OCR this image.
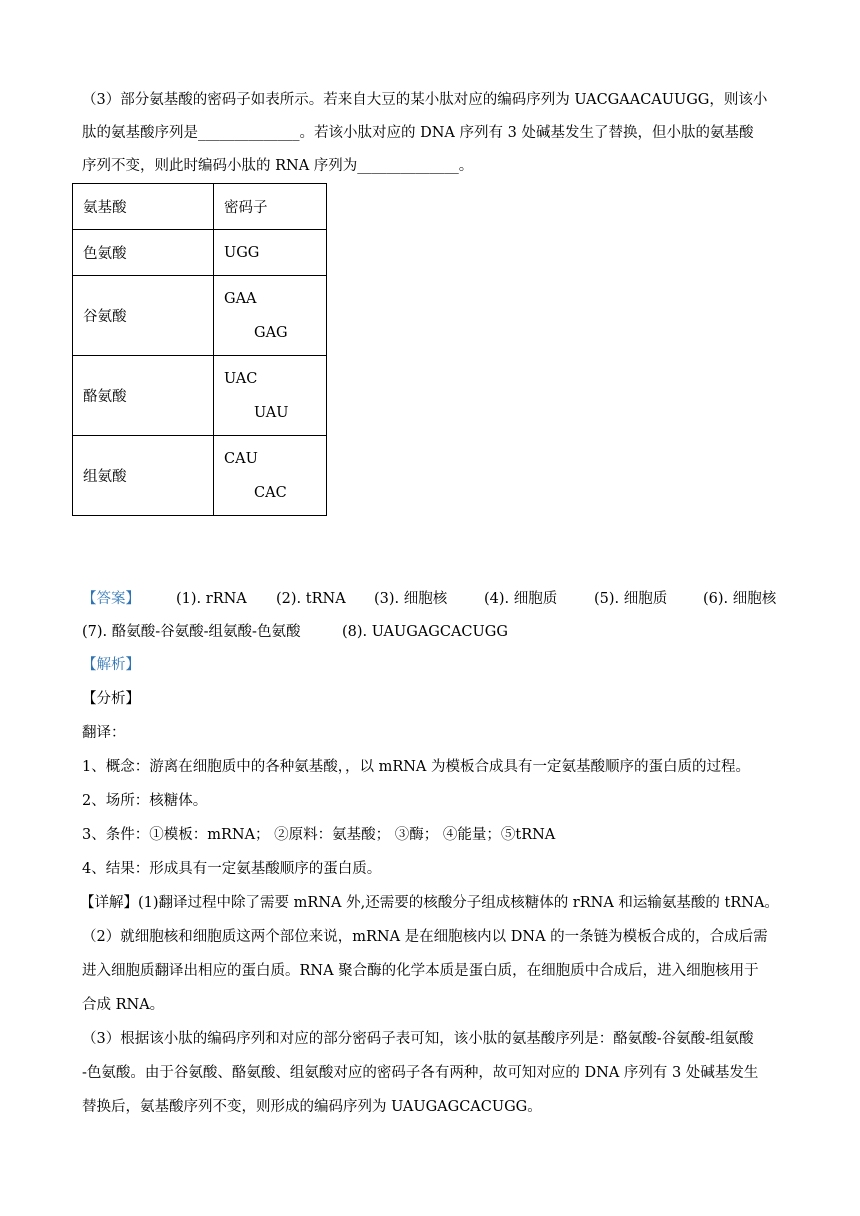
（3）部分氨基酸的密码子如表所示。若来自大豆的某小肽对应的编码序列为 UACGAACAUUGG，则该小
肽的氨基酸序列是______________。若该小肽对应的 DNA 序列有 3 处碱基发生了替换，但小肽的氨基酸
序列不变，则此时编码小肽的 RNA 序列为______________。
氨基酸	密码子
色氨酸	UGG
谷氨酸	GAA
GAG

酪氨酸	UAC
UAU

组氨酸	CAU
CAC
【答案】 (1). rRNA (2). tRNA (3). 细胞核	(4). 细胞质	(5). 细胞质 (6). 细胞核
(7). 酪氨酸-谷氨酸-组氨酸-色氨酸	(8). UAUGAGCACUGG
【解析】
【分析】
翻译：
1、概念：游离在细胞质中的各种氨基酸，，以 mRNA 为模板合成具有一定氨基酸顺序的蛋白质的过程。
2、场所：核糖体。
3、条件：①模板：mRNA； ②原料：氨基酸； ③酶； ④能量；⑤tRNA
4、结果：形成具有一定氨基酸顺序的蛋白质。
【详解】(1)翻译过程中除了需要 mRNA 外,还需要的核酸分子组成核糖体的 rRNA 和运输氨基酸的 tRNA。
（2）就细胞核和细胞质这两个部位来说，mRNA 是在细胞核内以 DNA 的一条链为模板合成的，合成后需
进入细胞质翻译出相应的蛋白质。RNA 聚合酶的化学本质是蛋白质，在细胞质中合成后，进入细胞核用于
合成 RNA。
（3）根据该小肽的编码序列和对应的部分密码子表可知，该小肽的氨基酸序列是：酪氨酸-谷氨酸-组氨酸
-色氨酸。由于谷氨酸、酪氨酸、组氨酸对应的密码子各有两种，故可知对应的 DNA 序列有 3 处碱基发生
替换后，氨基酸序列不变，则形成的编码序列为 UAUGAGCACUGG。
